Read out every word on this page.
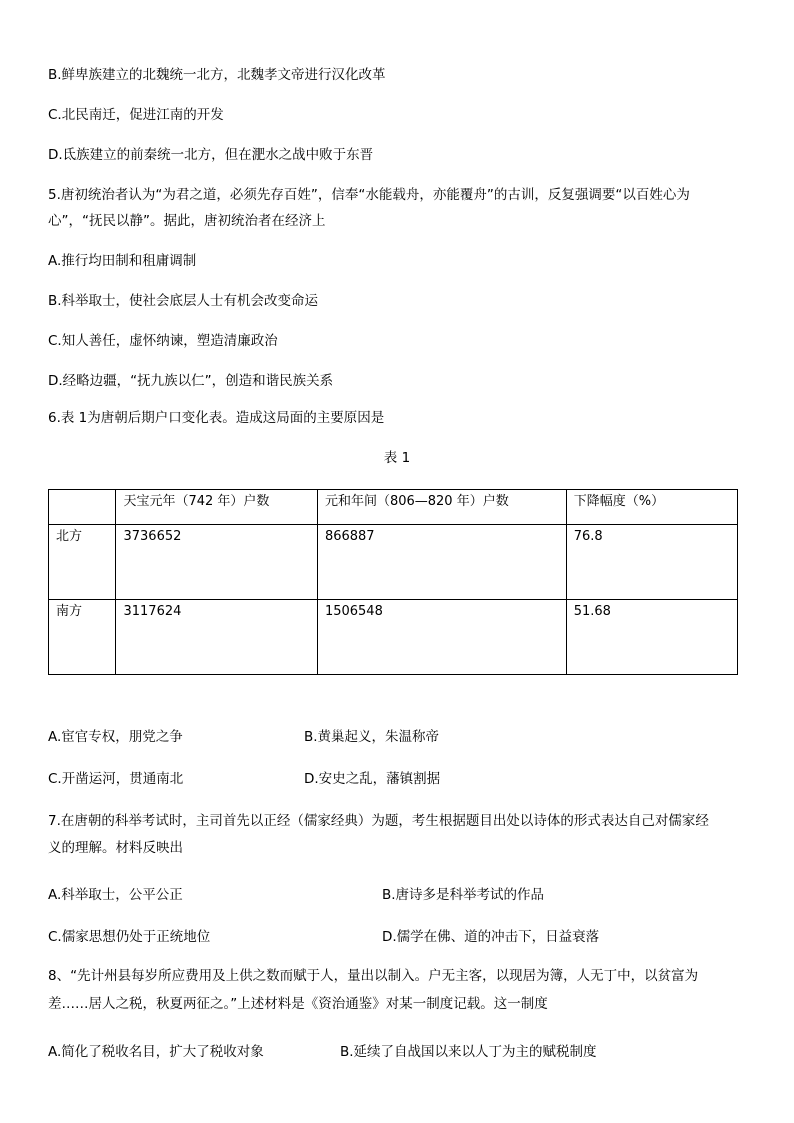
B.鲜卑族建立的北魏统一北方，北魏孝文帝进行汉化改革
C.北民南迁，促进江南的开发
D.氐族建立的前秦统一北方，但在淝水之战中败于东晋
5.唐初统治者认为“为君之道，必须先存百姓”，信奉“水能载舟，亦能覆舟”的古训，反复强调要“以百姓心为
心”，“抚民以静”。据此，唐初统治者在经济上
A.推行均田制和租庸调制
B.科举取士，使社会底层人士有机会改变命运
C.知人善任，虚怀纳谏，塑造清廉政治
D.经略边疆，“抚九族以仁”，创造和谐民族关系
6.表 1为唐朝后期户口变化表。造成这局面的主要原因是
表 1
	天宝元年（742 年）户数	元和年间（806—820 年）户数	下降幅度（%）
北方	3736652	866887	76.8
南方	3117624	1506548	51.68
A.宦官专权，朋党之争	B.黄巢起义，朱温称帝
C.开凿运河，贯通南北	D.安史之乱，藩镇割据
7.在唐朝的科举考试时，主司首先以正经（儒家经典）为题，考生根据题目出处以诗体的形式表达自己对儒家经
义的理解。材料反映出
A.科举取士，公平公正	B.唐诗多是科举考试的作品
C.儒家思想仍处于正统地位	D.儒学在佛、道的冲击下，日益衰落
8、“先计州县每岁所应费用及上供之数而赋于人，量出以制入。户无主客，以现居为簿，人无丁中，以贫富为
差……居人之税，秋夏两征之。”上述材料是《资治通鉴》对某一制度记载。这一制度
A.简化了税收名目，扩大了税收对象	B.延续了自战国以来以人丁为主的赋税制度
